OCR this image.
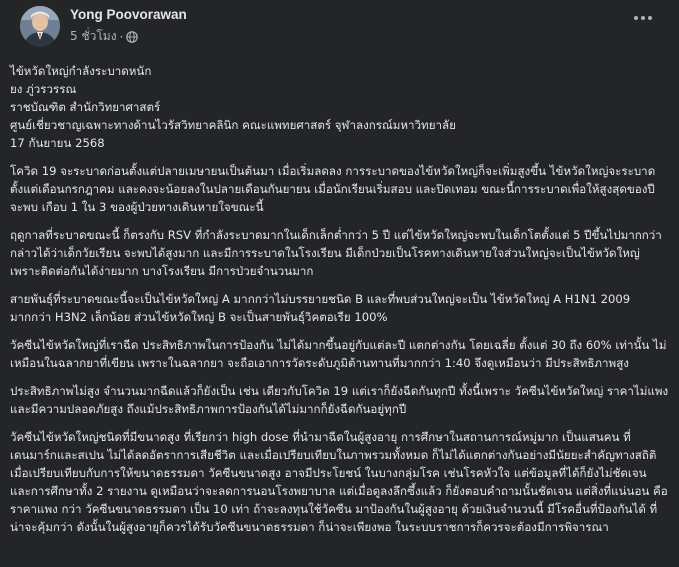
Yong Poovorawan
5 ชั่วโมง ·

ไข้หวัดใหญ่กำลังระบาดหนัก
ยง ภู่วรวรรณ
ราชบัณฑิต สำนักวิทยาศาสตร์
ศูนย์เชี่ยวชาญเฉพาะทางด้านไวรัสวิทยาคลินิก คณะแพทยศาสตร์ จุฬาลงกรณ์มหาวิทยาลัย
17 กันยายน 2568

โควิด 19 จะระบาดก่อนตั้งแต่ปลายเมษายนเป็นต้นมา เมื่อเริ่มลดลง การระบาดของไข้หวัดใหญ่ก็จะเพิ่มสูงขึ้น ไข้หวัดใหญ่จะระบาดตั้งแต่เดือนกรกฎาคม และคงจะน้อยลงในปลายเดือนกันยายน เมื่อนักเรียนเริ่มสอบ และปิดเทอม ขณะนี้การระบาดเพื่อให้สูงสุดของปี จะพบ เกือบ 1 ใน 3 ของผู้ป่วยทางเดินหายใจขณะนี้

ฤดูกาลที่ระบาดขณะนี้ ก็ตรงกับ RSV ที่กำลังระบาดมากในเด็กเล็กต่ำกว่า 5 ปี แต่ไข้หวัดใหญ่จะพบในเด็กโตตั้งแต่ 5 ปีขึ้นไปมากกว่า กล่าวได้ว่าเด็กวัยเรียน จะพบได้สูงมาก และมีการระบาดในโรงเรียน มีเด็กป่วยเป็นโรคทางเดินหายใจส่วนใหญ่จะเป็นไข้หวัดใหญ่ เพราะติดต่อกันได้ง่ายมาก บางโรงเรียน มีการป่วยจำนวนมาก

สายพันธุ์ที่ระบาดขณะนี้จะเป็นไข้หวัดใหญ่ A มากกว่าไม่บรรยายชนิด B และที่พบส่วนใหญ่จะเป็น ไข้หวัดใหญ่ A H1N1 2009 มากกว่า H3N2 เล็กน้อย ส่วนไข้หวัดใหญ่ B จะเป็นสายพันธุ์วิคตอเรีย 100%

วัคซีนไข้หวัดใหญ่ที่เราฉีด ประสิทธิภาพในการป้องกัน ไม่ได้มากขึ้นอยู่กับแต่ละปี แตกต่างกัน โดยเฉลี่ย ตั้งแต่ 30 ถึง 60% เท่านั้น ไม่เหมือนในฉลากยาที่เขียน เพราะในฉลากยา จะถือเอาการวัดระดับภูมิต้านทานที่มากกว่า 1:40 จึงดูเหมือนว่า มีประสิทธิภาพสูง

ประสิทธิภาพไม่สูง จำนวนมากฉีดแล้วก็ยังเป็น เช่น เดียวกับโควิด 19 แต่เราก็ยังฉีดกันทุกปี ทั้งนี้เพราะ วัคซีนไข้หวัดใหญ่ ราคาไม่แพง และมีความปลอดภัยสูง ถึงแม้ประสิทธิภาพการป้องกันได้ไม่มากก็ยังฉีดกันอยู่ทุกปี

วัคซีนไข้หวัดใหญ่ชนิดที่มีขนาดสูง ที่เรียกว่า high dose ที่นำมาฉีดในผู้สูงอายุ การศึกษาในสถานการณ์หมู่มาก เป็นแสนคน ที่เดนมาร์กและสเปน ไม่ได้ลดอัตราการเสียชีวิต และเมื่อเปรียบเทียบในภาพรวมทั้งหมด ก็ไม่ได้แตกต่างกันอย่างมีนัยยะสำคัญทางสถิติ เมื่อเปรียบเทียบกับการให้ขนาดธรรมดา วัคซีนขนาดสูง อาจมีประโยชน์ ในบางกลุ่มโรค เช่นโรคหัวใจ แต่ข้อมูลที่ได้ก็ยังไม่ชัดเจน และการศึกษาทั้ง 2 รายงาน ดูเหมือนว่าจะลดการนอนโรงพยาบาล แต่เมื่อดูลงลึกซึ้งแล้ว ก็ยังตอบคำถามนั้นชัดเจน แต่สิ่งที่แน่นอน คือราคาแพง กว่า วัคซีนขนาดธรรมดา เป็น 10 เท่า ถ้าจะลงทุนใช้วัคซีน มาป้องกันในผู้สูงอายุ ด้วยเงินจำนวนนี้ มีโรคอื่นที่ป้องกันได้ ที่น่าจะคุ้มกว่า ดังนั้นในผู้สูงอายุก็ควรได้รับวัคซีนขนาดธรรมดา ก็น่าจะเพียงพอ ในระบบราชการก็ควรจะต้องมีการพิจารณา
